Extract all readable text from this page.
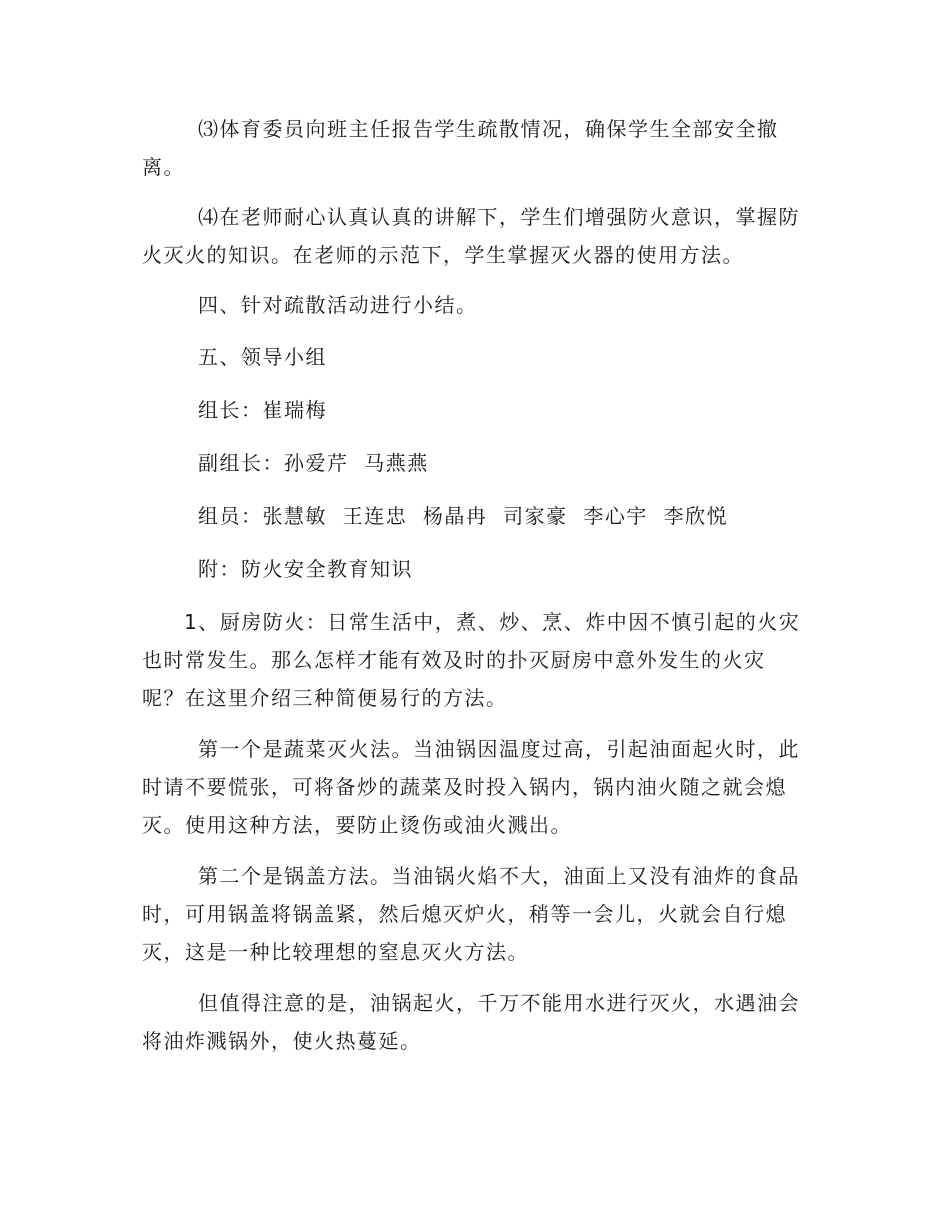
⑶体育委员向班主任报告学生疏散情况，确保学生全部安全撤
离。
⑷在老师耐心认真认真的讲解下，学生们增强防火意识，掌握防
火灭火的知识。在老师的示范下，学生掌握灭火器的使用方法。
四、针对疏散活动进行小结。
五、领导小组
组长：崔瑞梅
副组长：孙爱芹  马燕燕
组员：张慧敏  王连忠  杨晶冉  司家豪  李心宇  李欣悦
附：防火安全教育知识
1、厨房防火：日常生活中，煮、炒、烹、炸中因不慎引起的火灾
也时常发生。那么怎样才能有效及时的扑灭厨房中意外发生的火灾
呢？在这里介绍三种简便易行的方法。
第一个是蔬菜灭火法。当油锅因温度过高，引起油面起火时，此
时请不要慌张，可将备炒的蔬菜及时投入锅内，锅内油火随之就会熄
灭。使用这种方法，要防止烫伤或油火溅出。
第二个是锅盖方法。当油锅火焰不大，油面上又没有油炸的食品
时，可用锅盖将锅盖紧，然后熄灭炉火，稍等一会儿，火就会自行熄
灭，这是一种比较理想的窒息灭火方法。
但值得注意的是，油锅起火，千万不能用水进行灭火，水遇油会
将油炸溅锅外，使火热蔓延。
